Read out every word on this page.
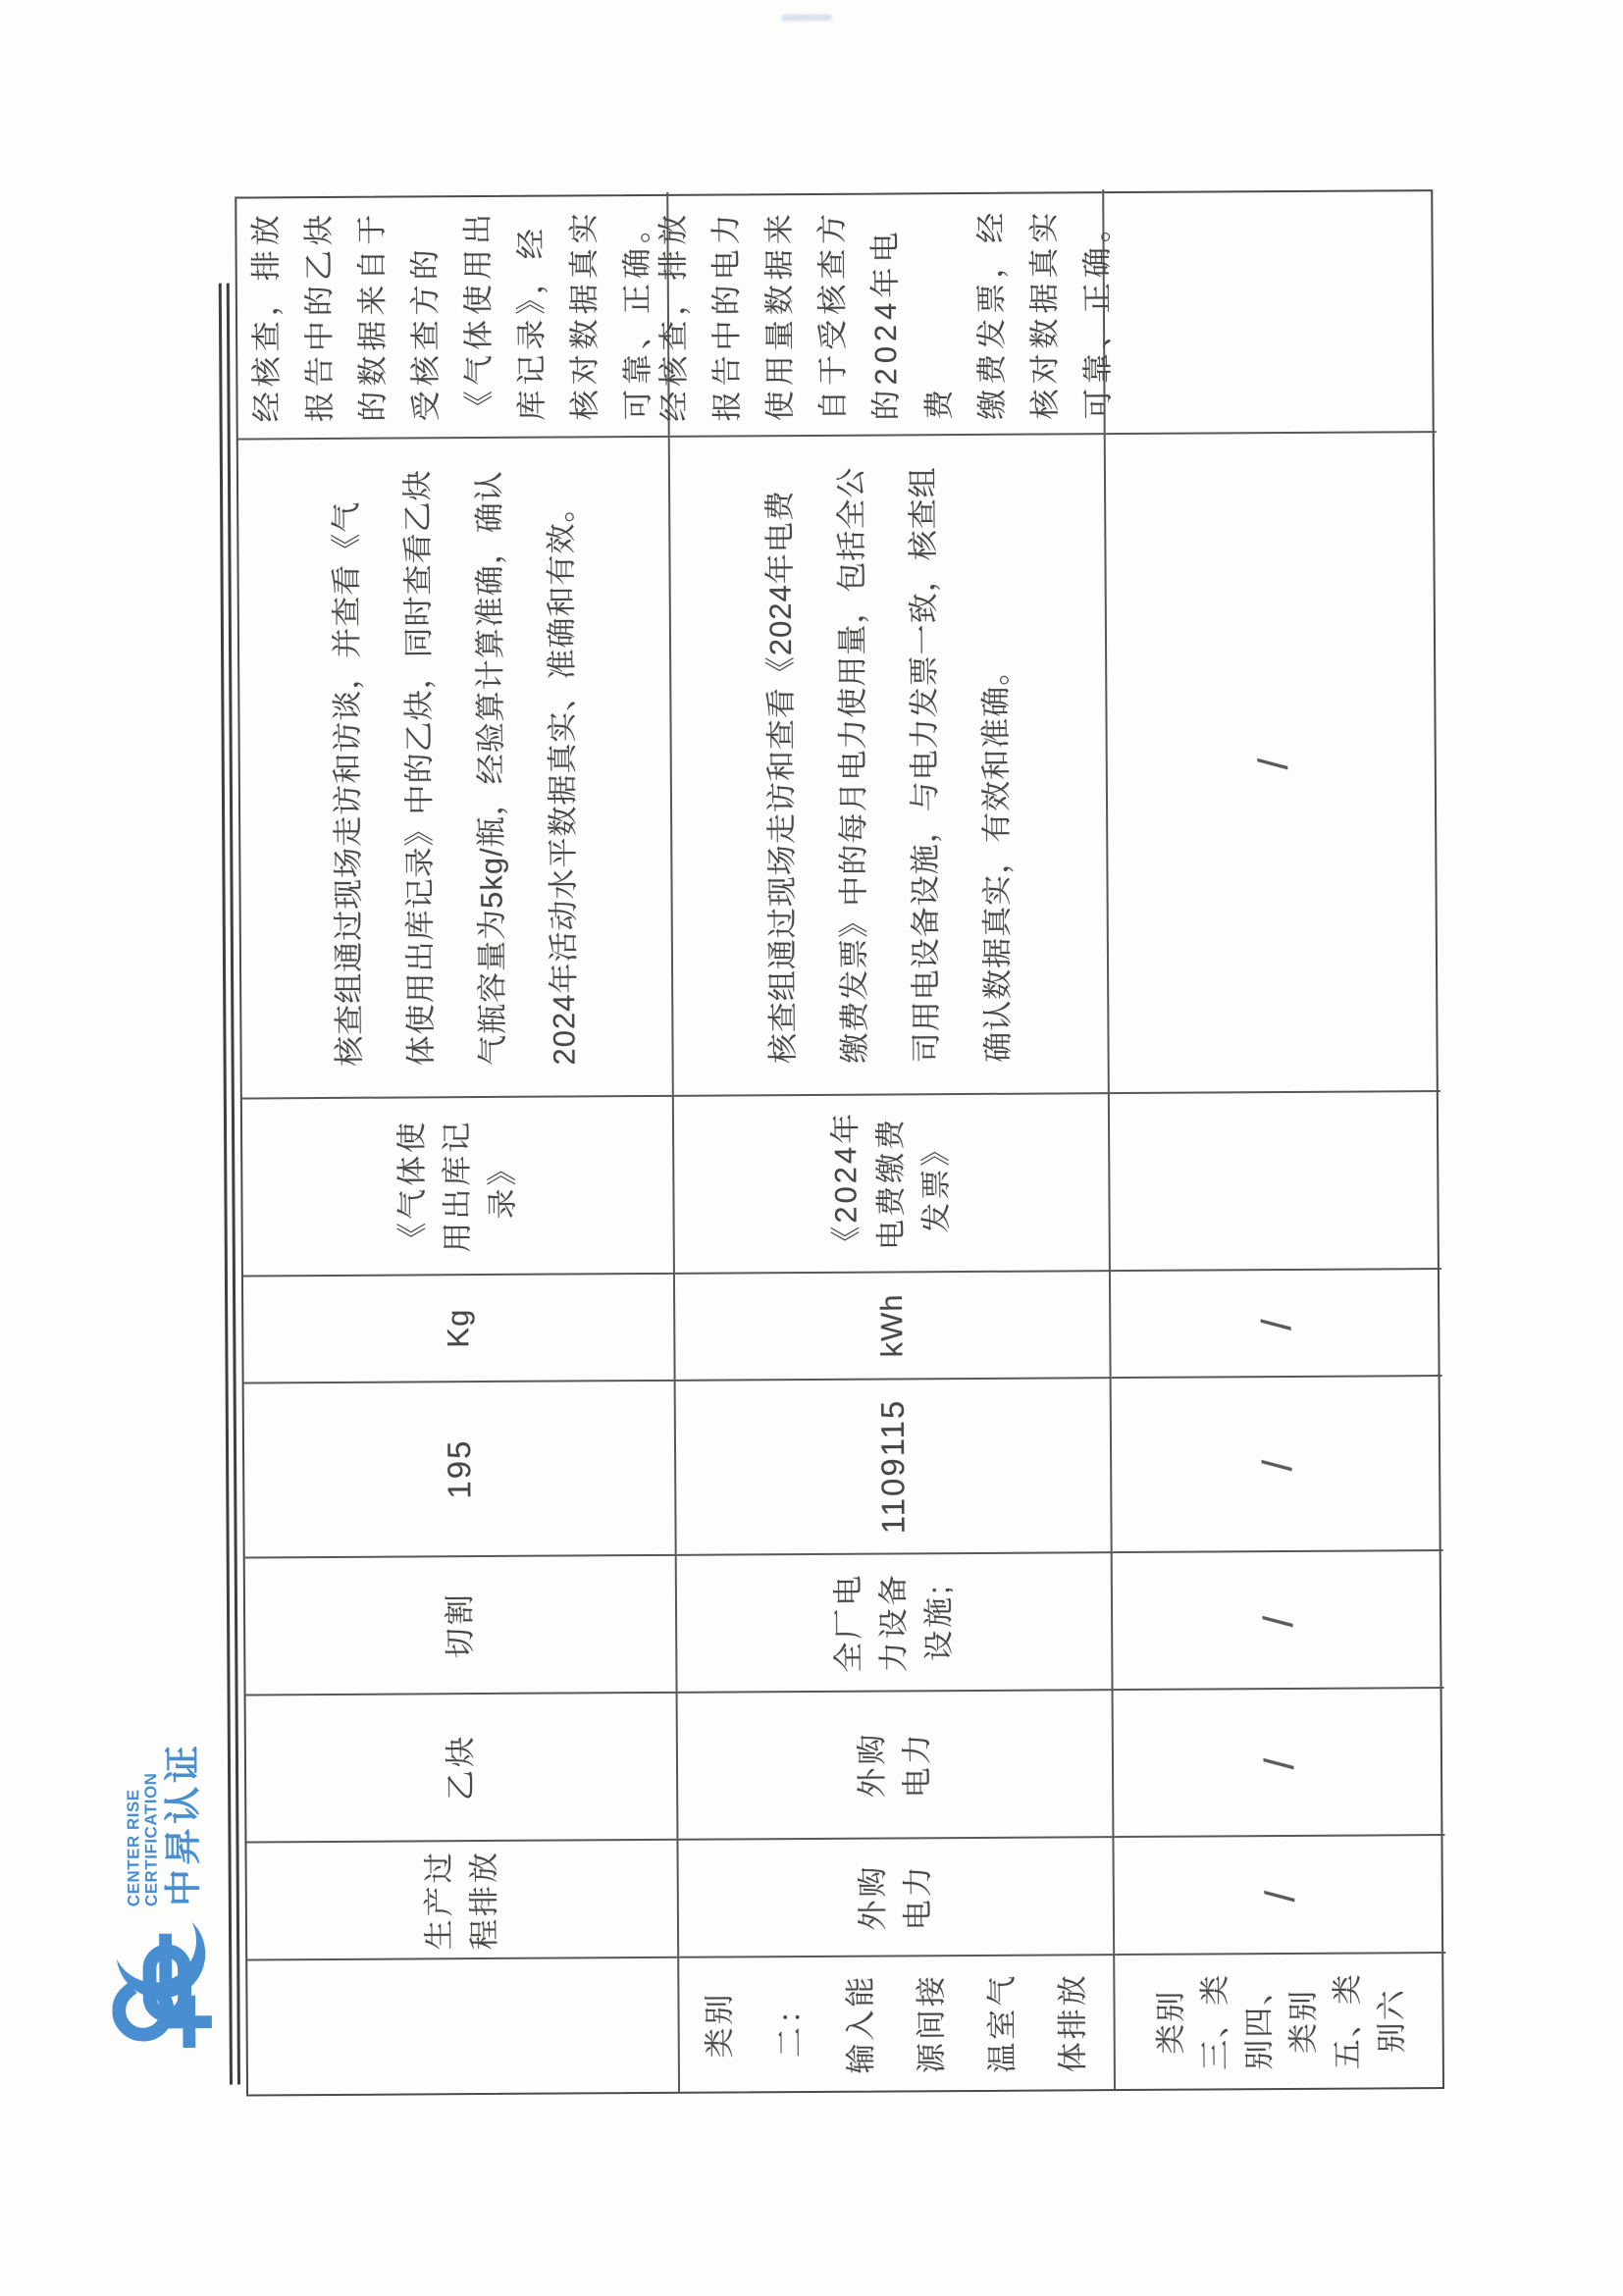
CENTER RISE
CERTIFICATION 中昇认证	生产过
程排放
乙炔
切割
195
Kg
《气体使
用出库记
录》
核查组通过现场走访和访谈，并查看《气
体使用出库记录》中的乙炔，同时查看乙炔
气瓶容量为5kg/瓶，经验算计算准确，确认
2024年活动水平数据真实、准确和有效。
经核查，排放
报告中的乙炔
的数据来自于
受核查方的
《气体使用出
库记录》，经
核对数据真实
可靠、正确。
类别
二：
输入能
源间接
温室气
体排放
外购
电力
外购
电力
全厂电
力设备
设施;
1109115
kWh
《2024年
电费缴费
发票》
核查组通过现场走访和查看《2024年电费
缴费发票》中的每月电力使用量，包括全公
司用电设备设施，与电力发票一致，核查组
确认数据真实，有效和准确。
经核查，排放
报告中的电力
使用量数据来
自于受核查方
的2024年电费
缴费发票，经
核对数据真实
可靠、正确。
类别
三、类
别四、
类别
五、类
别六
/
/
/
/
/
/
